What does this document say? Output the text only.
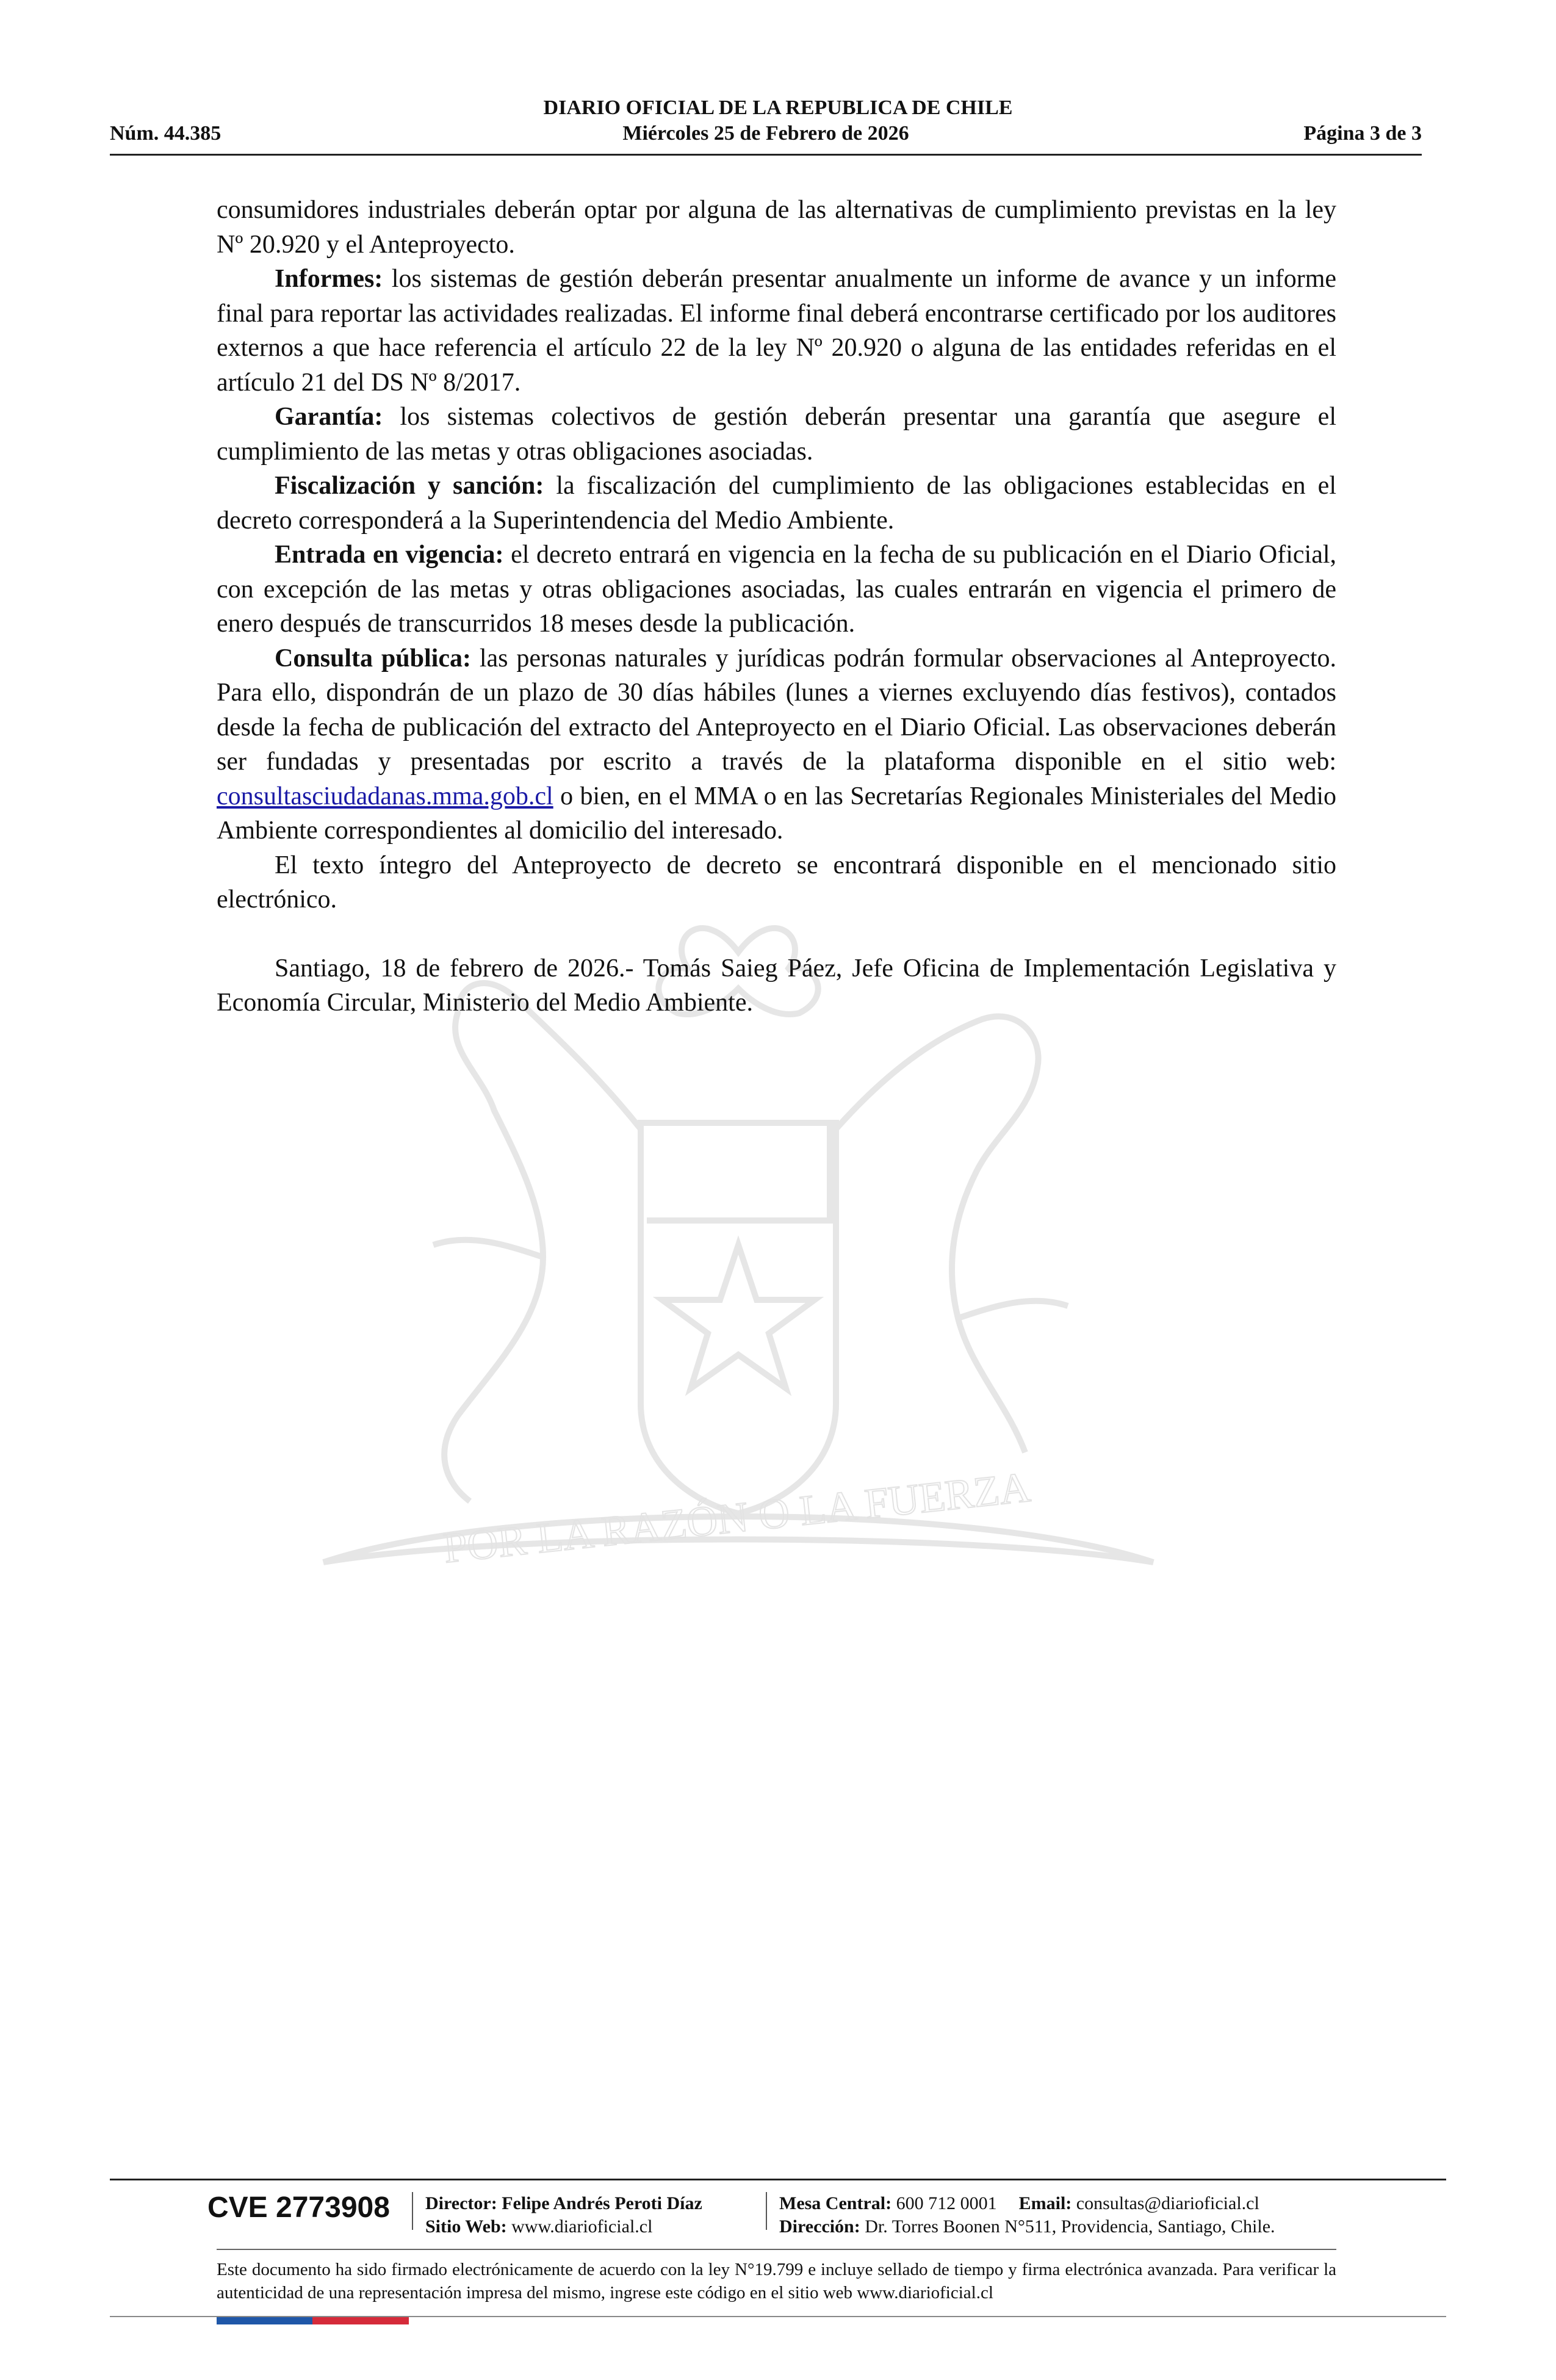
DIARIO OFICIAL DE LA REPUBLICA DE CHILE
Núm. 44.385	Miércoles 25 de Febrero de 2026	Página 3 de 3
POR LA RAZÓN O LA FUERZA

consumidores industriales deberán optar por alguna de las alternativas de cumplimiento previstas en la ley Nº 20.920 y el Anteproyecto.

Informes: los sistemas de gestión deberán presentar anualmente un informe de avance y un informe final para reportar las actividades realizadas. El informe final deberá encontrarse certificado por los auditores externos a que hace referencia el artículo 22 de la ley Nº 20.920 o alguna de las entidades referidas en el artículo 21 del DS Nº 8/2017.

Garantía: los sistemas colectivos de gestión deberán presentar una garantía que asegure el cumplimiento de las metas y otras obligaciones asociadas.

Fiscalización y sanción: la fiscalización del cumplimiento de las obligaciones establecidas en el decreto corresponderá a la Superintendencia del Medio Ambiente.

Entrada en vigencia: el decreto entrará en vigencia en la fecha de su publicación en el Diario Oficial, con excepción de las metas y otras obligaciones asociadas, las cuales entrarán en vigencia el primero de enero después de transcurridos 18 meses desde la publicación.

Consulta pública: las personas naturales y jurídicas podrán formular observaciones al Anteproyecto. Para ello, dispondrán de un plazo de 30 días hábiles (lunes a viernes excluyendo días festivos), contados desde la fecha de publicación del extracto del Anteproyecto en el Diario Oficial. Las observaciones deberán ser fundadas y presentadas por escrito a través de la plataforma disponible en el sitio web: consultasciudadanas.mma.gob.cl o bien, en el MMA o en las Secretarías Regionales Ministeriales del Medio Ambiente correspondientes al domicilio del interesado.

El texto íntegro del Anteproyecto de decreto se encontrará disponible en el mencionado sitio electrónico.

Santiago, 18 de febrero de 2026.- Tomás Saieg Páez, Jefe Oficina de Implementación Legislativa y Economía Circular, Ministerio del Medio Ambiente.

CVE 2773908 Director: Felipe Andrés Peroti Díaz
Sitio Web: www.diarioficial.cl
Mesa Central: 600 712 0001 Email: consultas@diarioficial.cl
Dirección: Dr. Torres Boonen N°511, Providencia, Santiago, Chile.
Este documento ha sido firmado electrónicamente de acuerdo con la ley N°19.799 e incluye sellado de tiempo y firma electrónica avanzada. Para verificar la autenticidad de una representación impresa del mismo, ingrese este código en el sitio web www.diarioficial.cl
